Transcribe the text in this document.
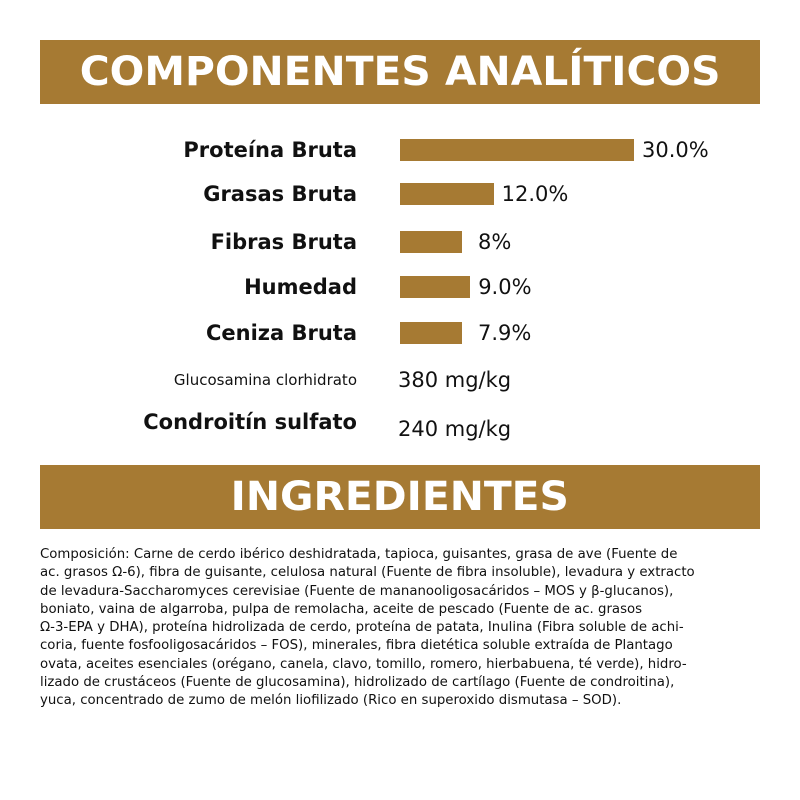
COMPONENTES ANALÍTICOS
Proteína Bruta	30.0%
Grasas Bruta	12.0%
Fibras Bruta	8%
Humedad	9.0%
Ceniza Bruta	7.9%
Glucosamina clorhidrato 380 mg/kg
Condroitín sulfato 240 mg/kg
INGREDIENTES
Composición: Carne de cerdo ibérico deshidratada, tapioca, guisantes, grasa de ave (Fuente de
ac. grasos Ω-6), fibra de guisante, celulosa natural (Fuente de fibra insoluble), levadura y extracto
de levadura-Saccharomyces cerevisiae (Fuente de mananooligosacáridos – MOS y β-glucanos),
boniato, vaina de algarroba, pulpa de remolacha, aceite de pescado (Fuente de ac. grasos
Ω-3-EPA y DHA), proteína hidrolizada de cerdo, proteína de patata, Inulina (Fibra soluble de achi-
coria, fuente fosfooligosacáridos – FOS), minerales, fibra dietética soluble extraída de Plantago
ovata, aceites esenciales (orégano, canela, clavo, tomillo, romero, hierbabuena, té verde), hidro-
lizado de crustáceos (Fuente de glucosamina), hidrolizado de cartílago (Fuente de condroitina),
yuca, concentrado de zumo de melón liofilizado (Rico en superoxido dismutasa – SOD).
